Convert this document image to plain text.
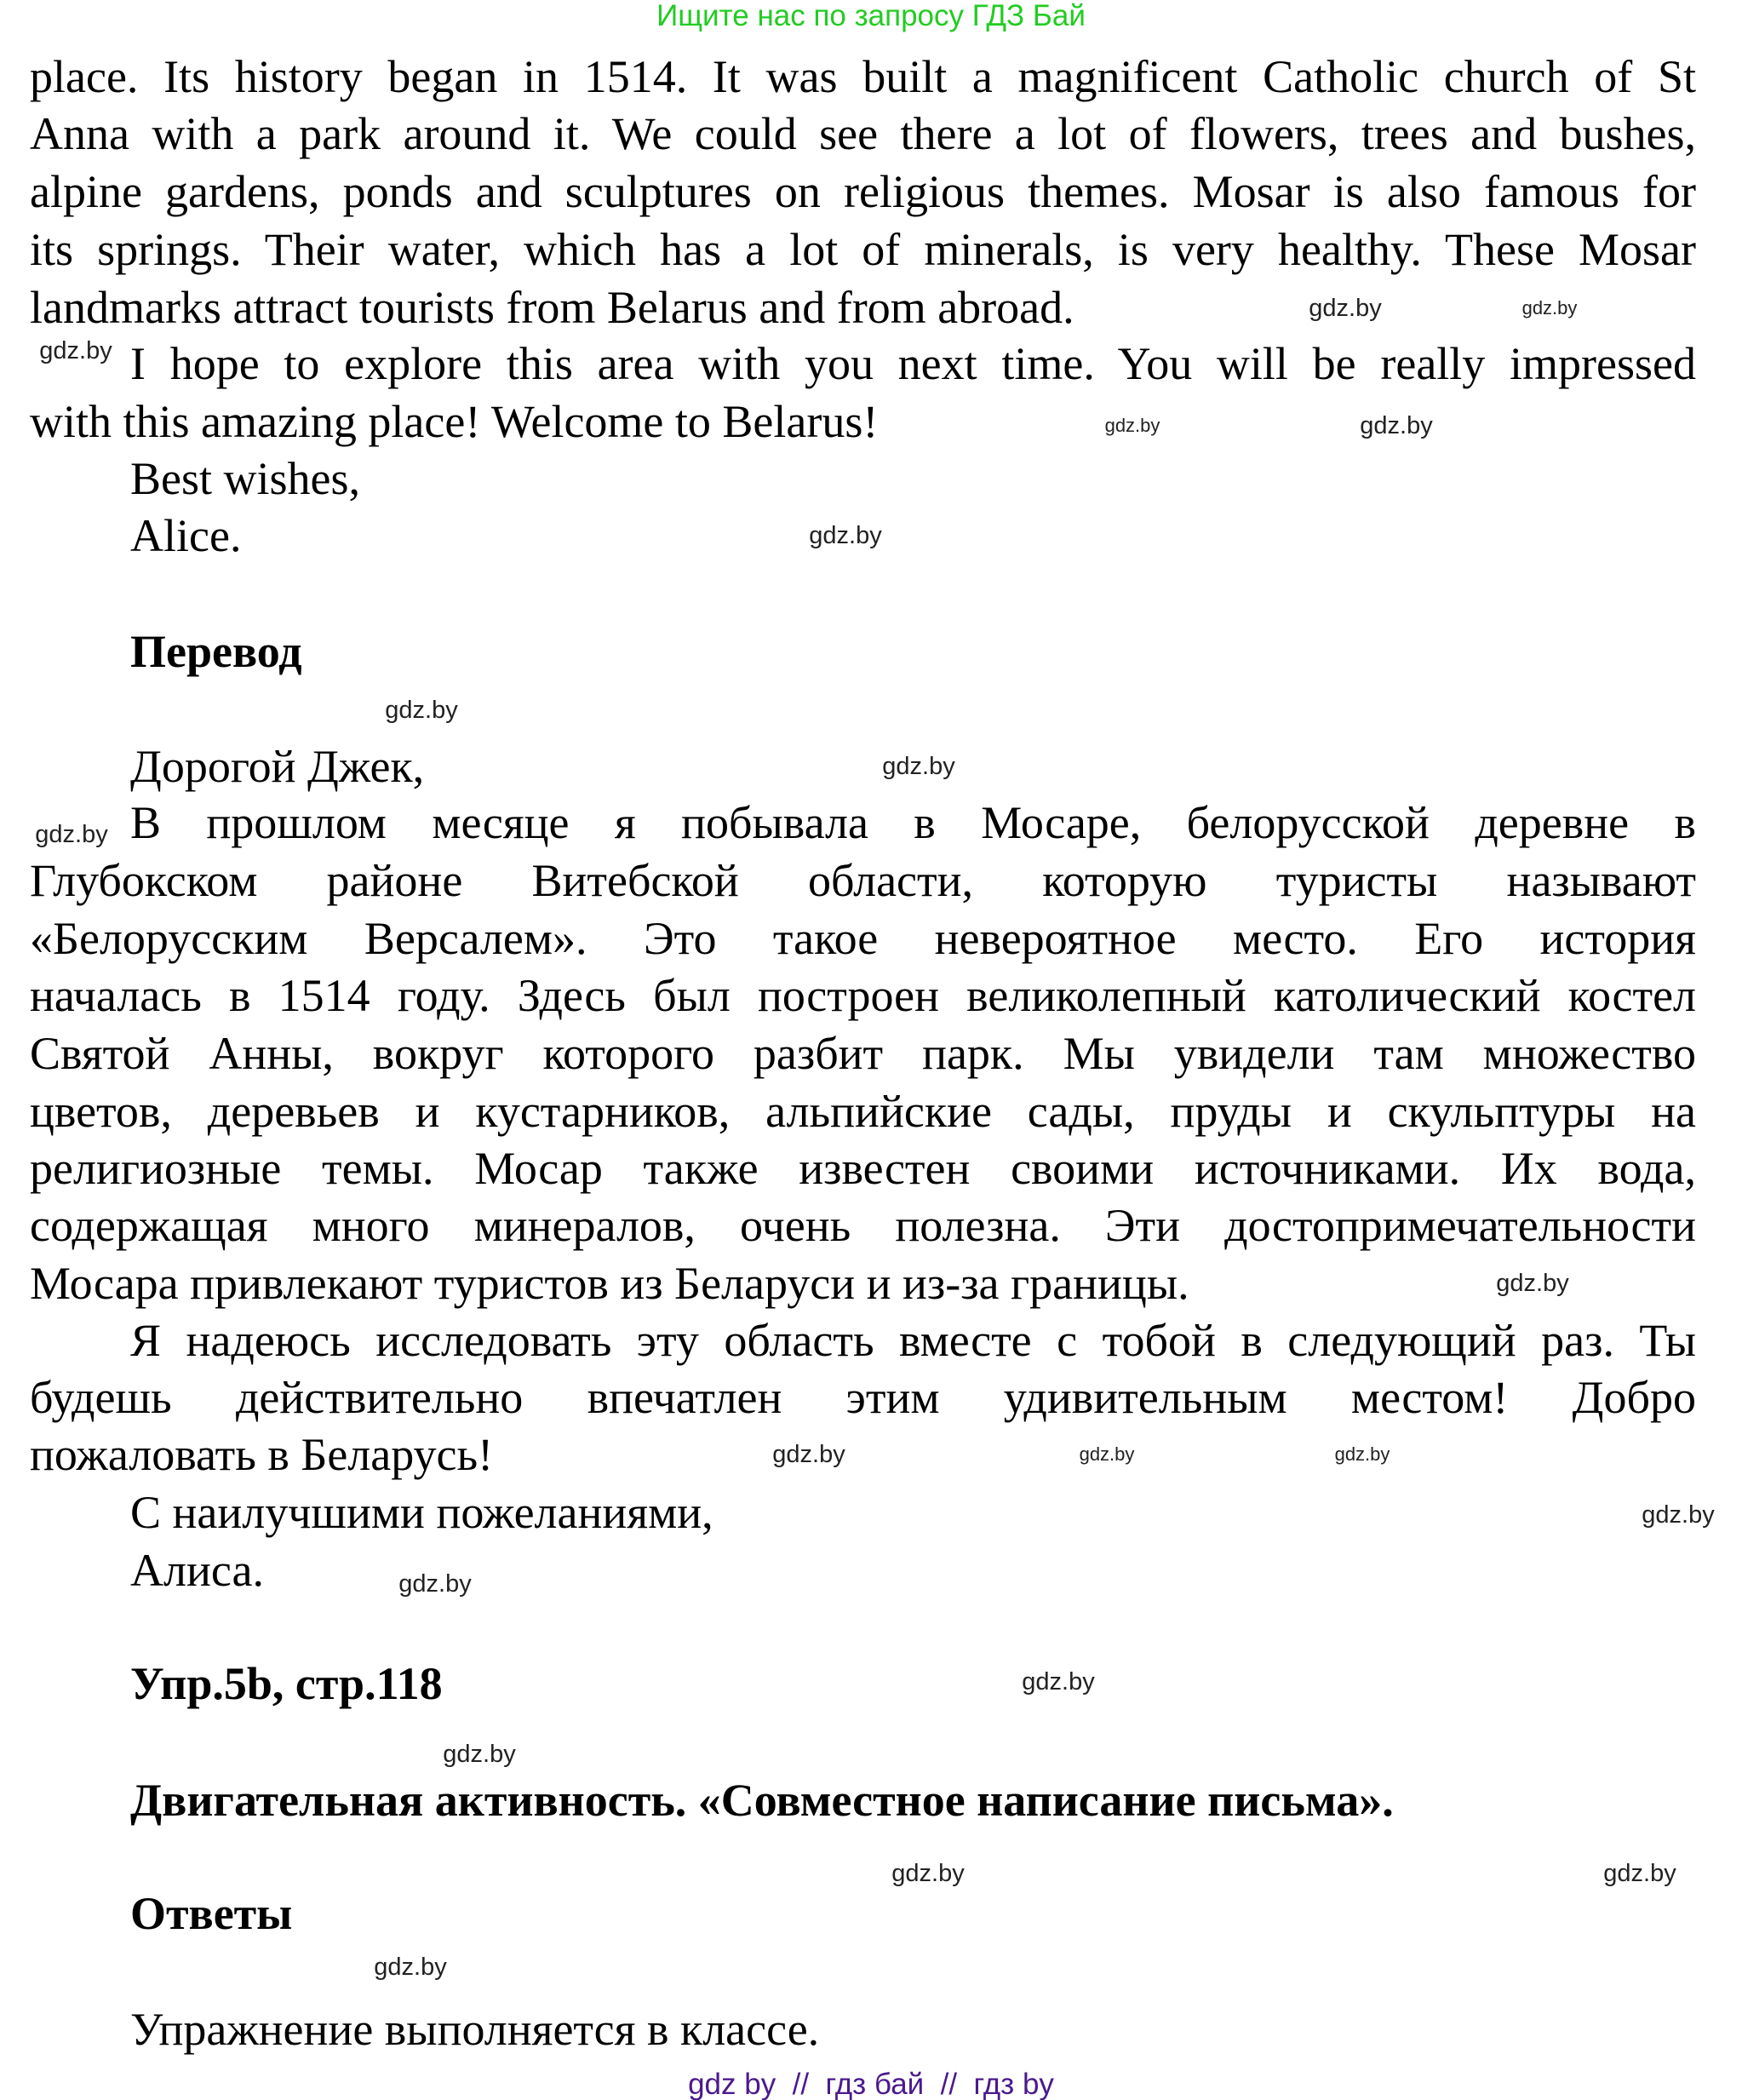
Ищите нас по запросу ГДЗ Бай
place. Its history began in 1514. It was built a magnificent Catholic church of St
Anna with a park around it. We could see there a lot of flowers, trees and bushes,
alpine gardens, ponds and sculptures on religious themes. Mosar is also famous for
its springs. Their water, which has a lot of minerals, is very healthy. These Mosar
landmarks attract tourists from Belarus and from abroad.
I hope to explore this area with you next time. You will be really impressed
with this amazing place! Welcome to Belarus!
Best wishes,
Alice.
Перевод
Дорогой Джек,
В прошлом месяце я побывала в Мосаре, белорусской деревне в
Глубокском районе Витебской области, которую туристы называют
«Белорусским Версалем». Это такое невероятное место. Его история
началась в 1514 году. Здесь был построен великолепный католический костел
Святой Анны, вокруг которого разбит парк. Мы увидели там множество
цветов, деревьев и кустарников, альпийские сады, пруды и скульптуры на
религиозные темы. Мосар также известен своими источниками. Их вода,
содержащая много минералов, очень полезна. Эти достопримечательности
Мосара привлекают туристов из Беларуси и из-за границы.
Я надеюсь исследовать эту область вместе с тобой в следующий раз. Ты
будешь действительно впечатлен этим удивительным местом! Добро
пожаловать в Беларусь!
С наилучшими пожеланиями,
Алиса.
Упр.5b, стр.118
Двигательная активность. «Совместное написание письма».
Ответы
Упражнение выполняется в классе.
gdz.by
gdz.by
gdz.by
gdz.by
gdz.by
gdz.by
gdz.by
gdz.by
gdz.by
gdz.by	gdz.by
gdz.by
gdz.by
gdz.by
gdz.by
gdz.by
gdz.by
gdz.by
gdz.by
gdz.by
gdz by  //  гдз бай  //  гдз by
